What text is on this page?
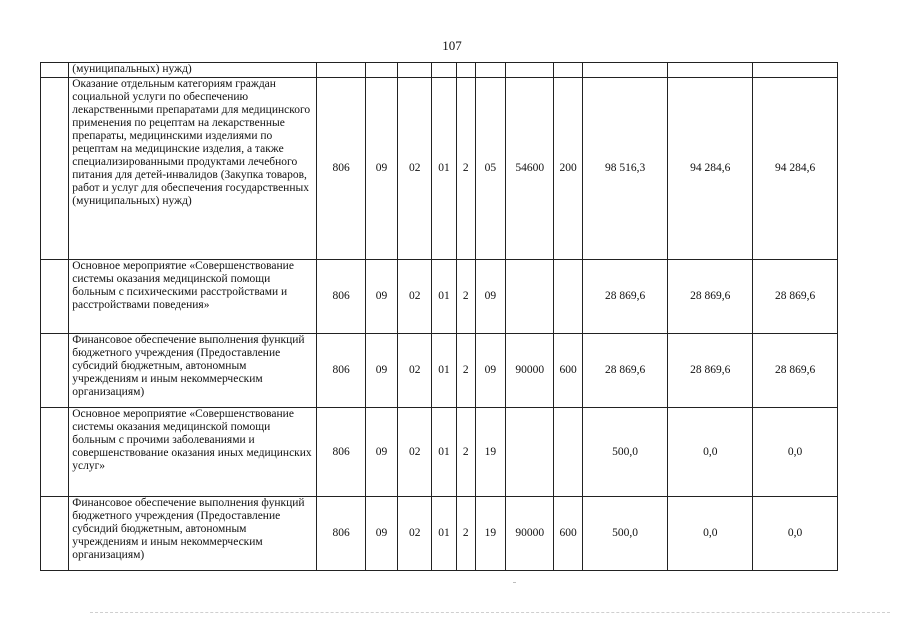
107
	(муниципальных) нужд)											
	Оказание отдельным категориям граждан социальной услуги по обеспечению лекарственными препаратами для медицинского применения по рецептам на лекарственные препараты, медицинскими изделиями по рецептам на медицинские изделия, а также специализированными продуктами лечебного питания для детей-инвалидов (Закупка товаров, работ и услуг для обеспечения государственных (муниципальных) нужд)	806	09	02	01	2	05	54600	200	98 516,3	94 284,6	94 284,6
	Основное мероприятие «Совершенствование системы оказания медицинской помощи больным с психическими расстройствами и расстройствами поведения»	806	09	02	01	2	09			28 869,6	28 869,6	28 869,6
	Финансовое обеспечение выполнения функций бюджетного учреждения (Предоставление субсидий бюджетным, автономным учреждениям и иным некоммерческим организациям)	806	09	02	01	2	09	90000	600	28 869,6	28 869,6	28 869,6
	Основное мероприятие «Совершенствование системы оказания медицинской помощи больным с прочими заболеваниями и совершенствование оказания иных медицинских услуг»	806	09	02	01	2	19			500,0	0,0	0,0
	Финансовое обеспечение выполнения функций бюджетного учреждения (Предоставление субсидий бюджетным, автономным учреждениям и иным некоммерческим организациям)	806	09	02	01	2	19	90000	600	500,0	0,0	0,0
